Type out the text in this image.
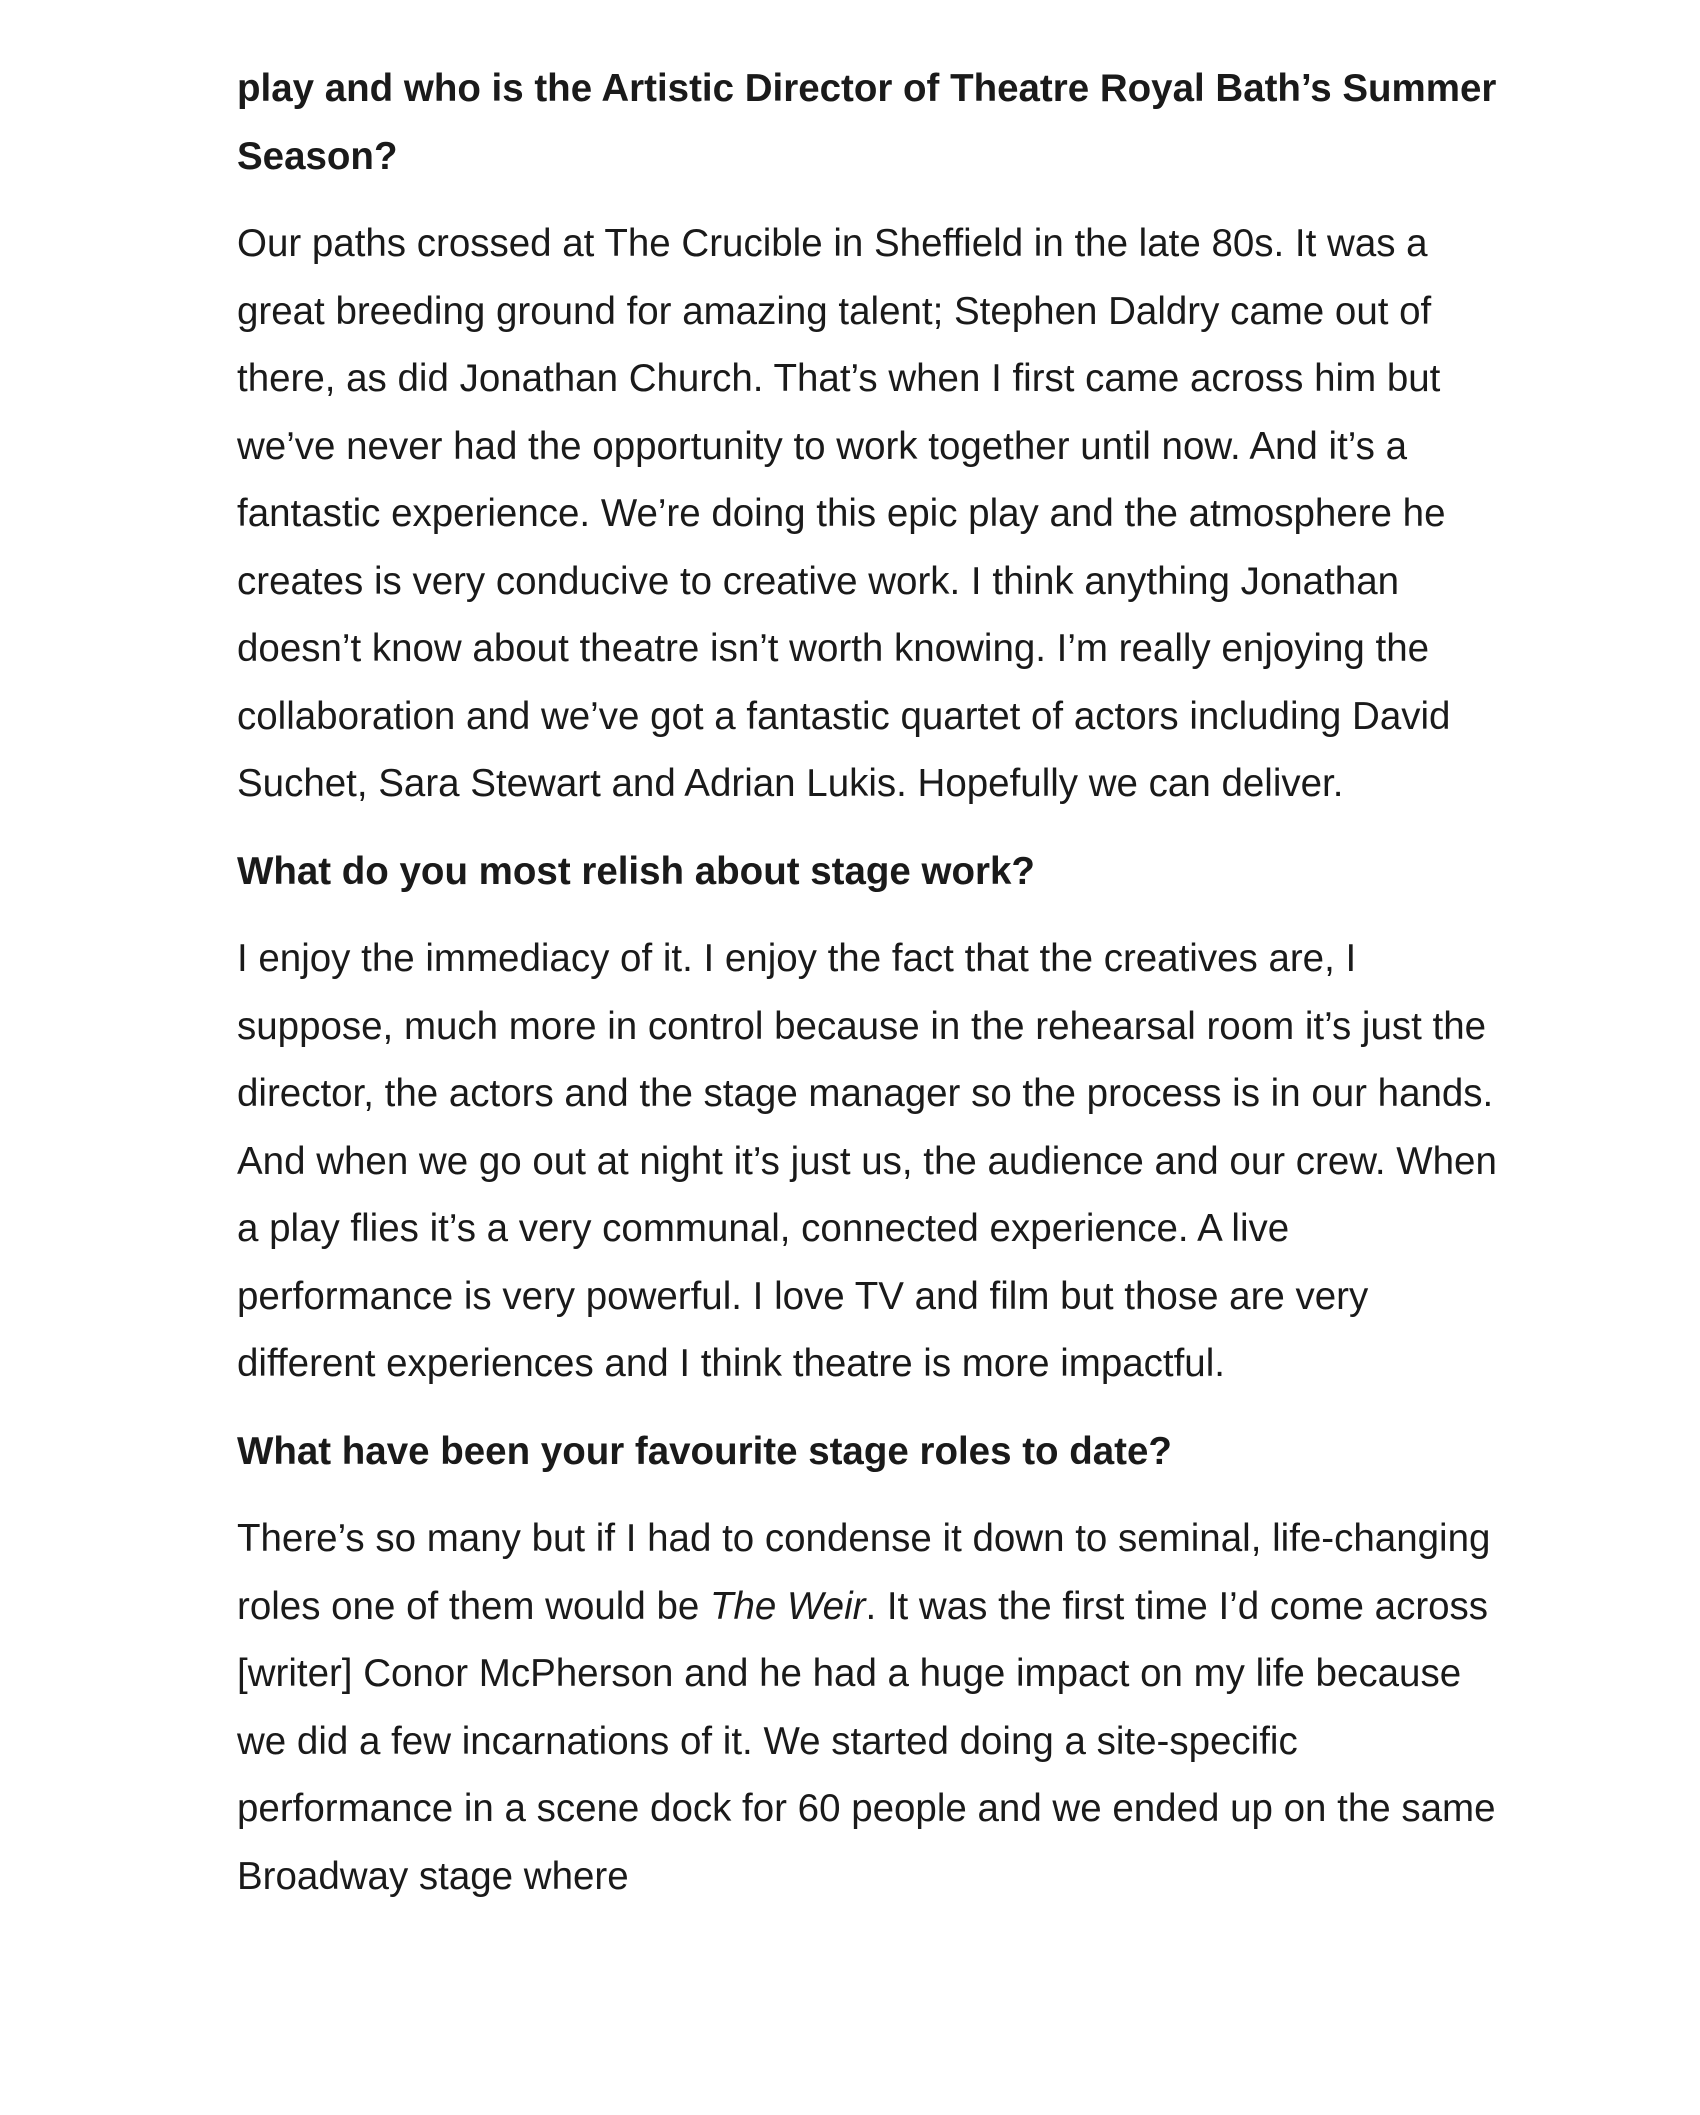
play and who is the Artistic Director of Theatre Royal Bath’s Summer Season?

Our paths crossed at The Crucible in Sheffield in the late 80s. It was a great breeding ground for amazing talent; Stephen Daldry came out of there, as did Jonathan Church. That’s when I first came across him but we’ve never had the opportunity to work together until now. And it’s a fantastic experience. We’re doing this epic play and the atmosphere he creates is very conducive to creative work. I think anything Jonathan doesn’t know about theatre isn’t worth knowing. I’m really enjoying the collaboration and we’ve got a fantastic quartet of actors including David Suchet, Sara Stewart and Adrian Lukis. Hopefully we can deliver.

What do you most relish about stage work?

I enjoy the immediacy of it. I enjoy the fact that the creatives are, I suppose, much more in control because in the rehearsal room it’s just the director, the actors and the stage manager so the process is in our hands. And when we go out at night it’s just us, the audience and our crew. When a play flies it’s a very communal, connected experience. A live performance is very powerful. I love TV and film but those are very different experiences and I think theatre is more impactful.

What have been your favourite stage roles to date?

There’s so many but if I had to condense it down to seminal, life-changing roles one of them would be The Weir. It was the first time I’d come across [writer] Conor McPherson and he had a huge impact on my life because we did a few incarnations of it. We started doing a site-specific performance in a scene dock for 60 people and we ended up on the same Broadway stage where
